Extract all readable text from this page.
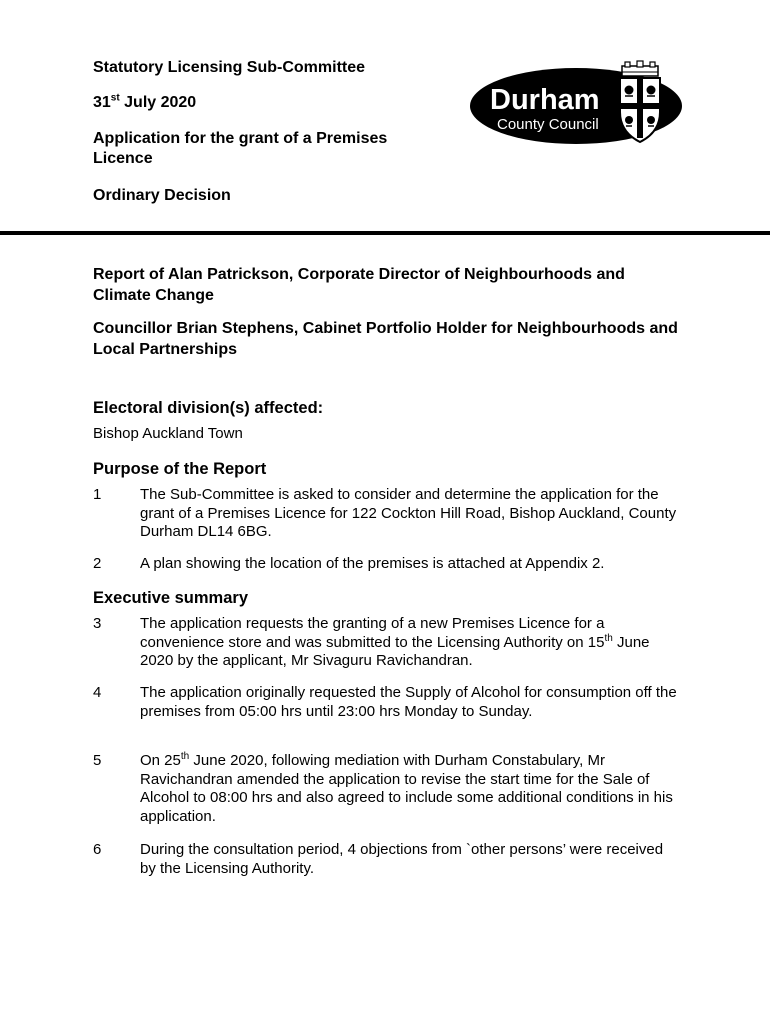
Statutory Licensing Sub-Committee
31st July 2020
Application for the grant of a Premises Licence
Ordinary Decision
Durham
County Council
Report of Alan Patrickson, Corporate Director of Neighbourhoods and Climate Change
Councillor Brian Stephens, Cabinet Portfolio Holder for Neighbourhoods and Local Partnerships
Electoral division(s) affected:
Bishop Auckland Town
Purpose of the Report
1	The Sub-Committee is asked to consider and determine the application for the grant of a Premises Licence for 122 Cockton Hill Road, Bishop Auckland, County Durham DL14 6BG.
2	A plan showing the location of the premises is attached at Appendix 2.
Executive summary
3	The application requests the granting of a new Premises Licence for a convenience store and was submitted to the Licensing Authority on 15th June 2020 by the applicant, Mr Sivaguru Ravichandran.
4	The application originally requested the Supply of Alcohol for consumption off the premises from 05:00 hrs until 23:00 hrs Monday to Sunday.
5	On 25th June 2020, following mediation with Durham Constabulary, Mr Ravichandran amended the application to revise the start time for the Sale of Alcohol to 08:00 hrs and also agreed to include some additional conditions in his application.
6	During the consultation period, 4 objections from `other persons’ were received by the Licensing Authority.
